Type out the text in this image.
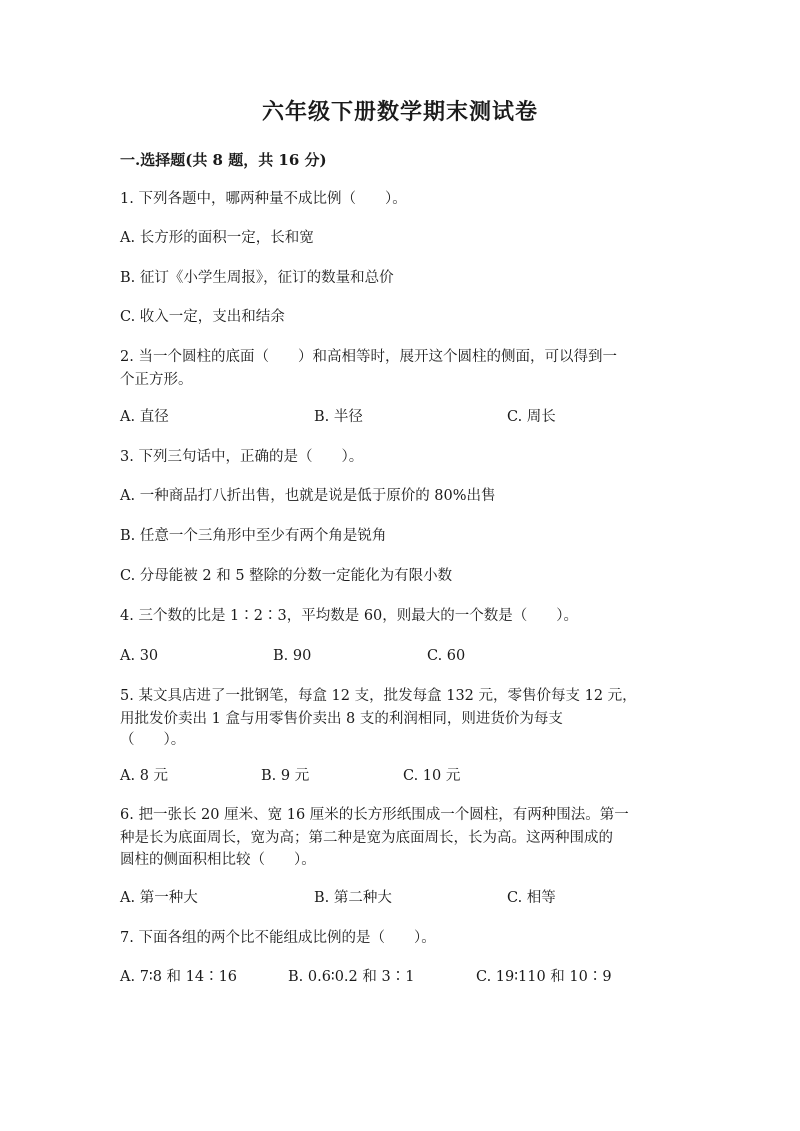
六年级下册数学期末测试卷
一.选择题(共 8 题，共 16 分)
1. 下列各题中，哪两种量不成比例（　　）。
A. 长方形的面积一定，长和宽
B. 征订《小学生周报》，征订的数量和总价
C. 收入一定，支出和结余
2. 当一个圆柱的底面（　　）和高相等时，展开这个圆柱的侧面，可以得到一
个正方形。
A. 直径	B. 半径	C. 周长
3. 下列三句话中，正确的是（　　）。
A. 一种商品打八折出售，也就是说是低于原价的 80%出售
B. 任意一个三角形中至少有两个角是锐角
C. 分母能被 2 和 5 整除的分数一定能化为有限小数
4. 三个数的比是 1∶2∶3，平均数是 60，则最大的一个数是（　　）。
A. 30	B. 90	C. 60
5. 某文具店进了一批钢笔，每盒 12 支，批发每盒 132 元，零售价每支 12 元，
用批发价卖出 1 盒与用零售价卖出 8 支的利润相同，则进货价为每支
（　　）。
A. 8 元	B. 9 元	C. 10 元
6. 把一张长 20 厘米、宽 16 厘米的长方形纸围成一个圆柱，有两种围法。第一
种是长为底面周长，宽为高；第二种是宽为底面周长，长为高。这两种围成的
圆柱的侧面积相比较（　　）。
A. 第一种大	B. 第二种大	C. 相等
7. 下面各组的两个比不能组成比例的是（　　）。
A. 7∶8 和 14∶16	B. 0.6∶0.2 和 3∶1	C. 19∶110 和 10∶9
